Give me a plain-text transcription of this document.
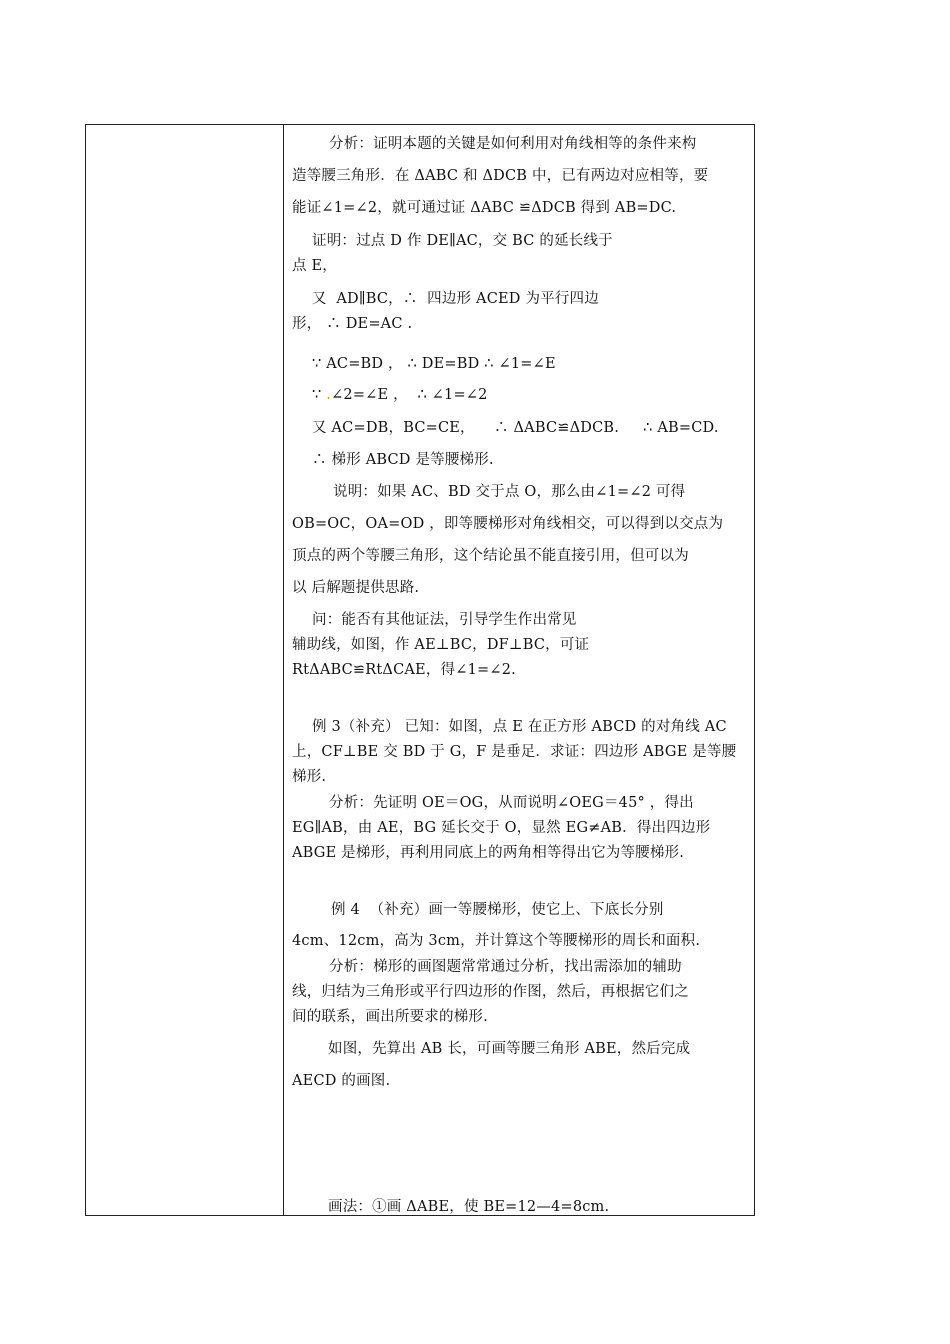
分析：证明本题的关键是如何利用对角线相等的条件来构
造等腰三角形．在 ΔABC 和 ΔDCB 中，已有两边对应相等，要
能证∠1=∠2，就可通过证 ΔABC ≌ΔDCB 得到 AB=DC.
证明：过点 D 作 DE∥AC，交 BC 的延长线于
点 E，
又  AD∥BC，∴  四边形 ACED 为平行四边
形， ∴ DE=AC .
∵ AC=BD ， ∴ DE=BD ∴ ∠1=∠E
∵ .∠2=∠E ，  ∴ ∠1=∠2
又 AC=DB，BC=CE，    ∴ ΔABC≌ΔDCB.     ∴ AB=CD.
∴ 梯形 ABCD 是等腰梯形.
说明：如果 AC、BD 交于点 O，那么由∠1=∠2 可得
OB=OC，OA=OD ，即等腰梯形对角线相交，可以得到以交点为
顶点的两个等腰三角形，这个结论虽不能直接引用，但可以为
以 后解题提供思路.
问：能否有其他证法，引导学生作出常见
辅助线，如图，作 AE⊥BC，DF⊥BC，可证
RtΔABC≌RtΔCAE，得∠1=∠2.
例 3（补充） 已知：如图，点 E 在正方形 ABCD 的对角线 AC
上，CF⊥BE 交 BD 于 G，F 是垂足．求证：四边形 ABGE 是等腰
梯形.
分析：先证明 OE＝OG，从而说明∠OEG＝45° ，得出
EG∥AB，由 AE，BG 延长交于 O，显然 EG≠AB．得出四边形
ABGE 是梯形，再利用同底上的两角相等得出它为等腰梯形.
例 4  （补充）画一等腰梯形，使它上、下底长分别
4cm、12cm，高为 3cm，并计算这个等腰梯形的周长和面积.
分析：梯形的画图题常常通过分析，找出需添加的辅助
线，归结为三角形或平行四边形的作图，然后，再根据它们之
间的联系，画出所要求的梯形.
如图，先算出 AB 长，可画等腰三角形 ABE，然后完成
AECD 的画图.
画法：①画 ΔABE，使 BE=12—4=8cm.
